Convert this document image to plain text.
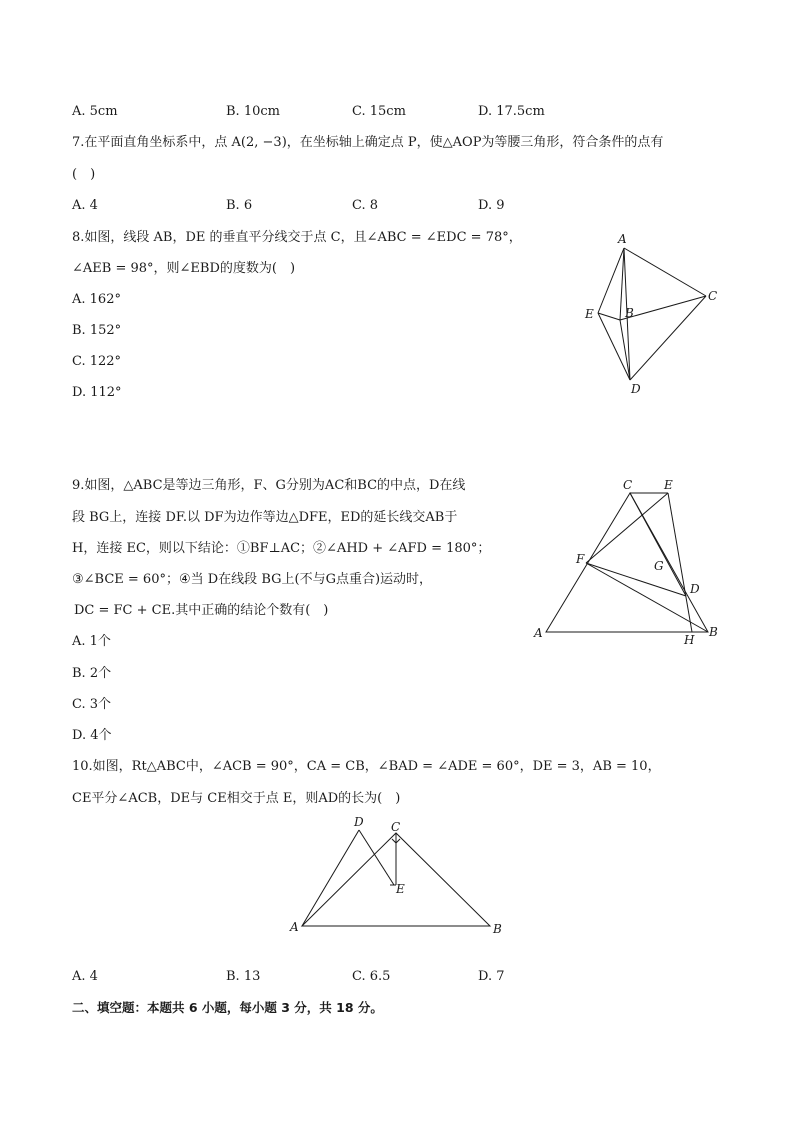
A. 5cm	B. 10cm	C. 15cm	D. 17.5cm
7.在平面直角坐标系中，点 A(2, −3)，在坐标轴上确定点 P，使△AOP为等腰三角形，符合条件的点有
(　)
A. 4	B. 6	C. 8	D. 9
8.如图，线段 AB，DE 的垂直平分线交于点 C，且∠ABC = ∠EDC = 78°，
∠AEB = 98°，则∠EBD的度数为(　)
A. 162°
B. 152°
C. 122°
D. 112°
A
E	B
C
D
9.如图，△ABC是等边三角形，F、G分别为AC和BC的中点，D在线
段 BG上，连接 DF.以 DF为边作等边△DFE，ED的延长线交AB于
H，连接 EC，则以下结论：①BF⊥AC；②∠AHD + ∠AFD = 180°；
③∠BCE = 60°；④当 D在线段 BG上(不与G点重合)运动时，
DC = FC + CE.其中正确的结论个数有(　)
A. 1个
B. 2个
C. 3个
D. 4个
C	E
F	G
D
A	H
B
10.如图，Rt△ABC中，∠ACB = 90°，CA = CB，∠BAD = ∠ADE = 60°，DE = 3，AB = 10，
CE平分∠ACB，DE与 CE相交于点 E，则AD的长为(　)
D C
E
A	B
A. 4	B. 13	C. 6.5	D. 7
二、填空题：本题共 6 小题，每小题 3 分，共 18 分。
